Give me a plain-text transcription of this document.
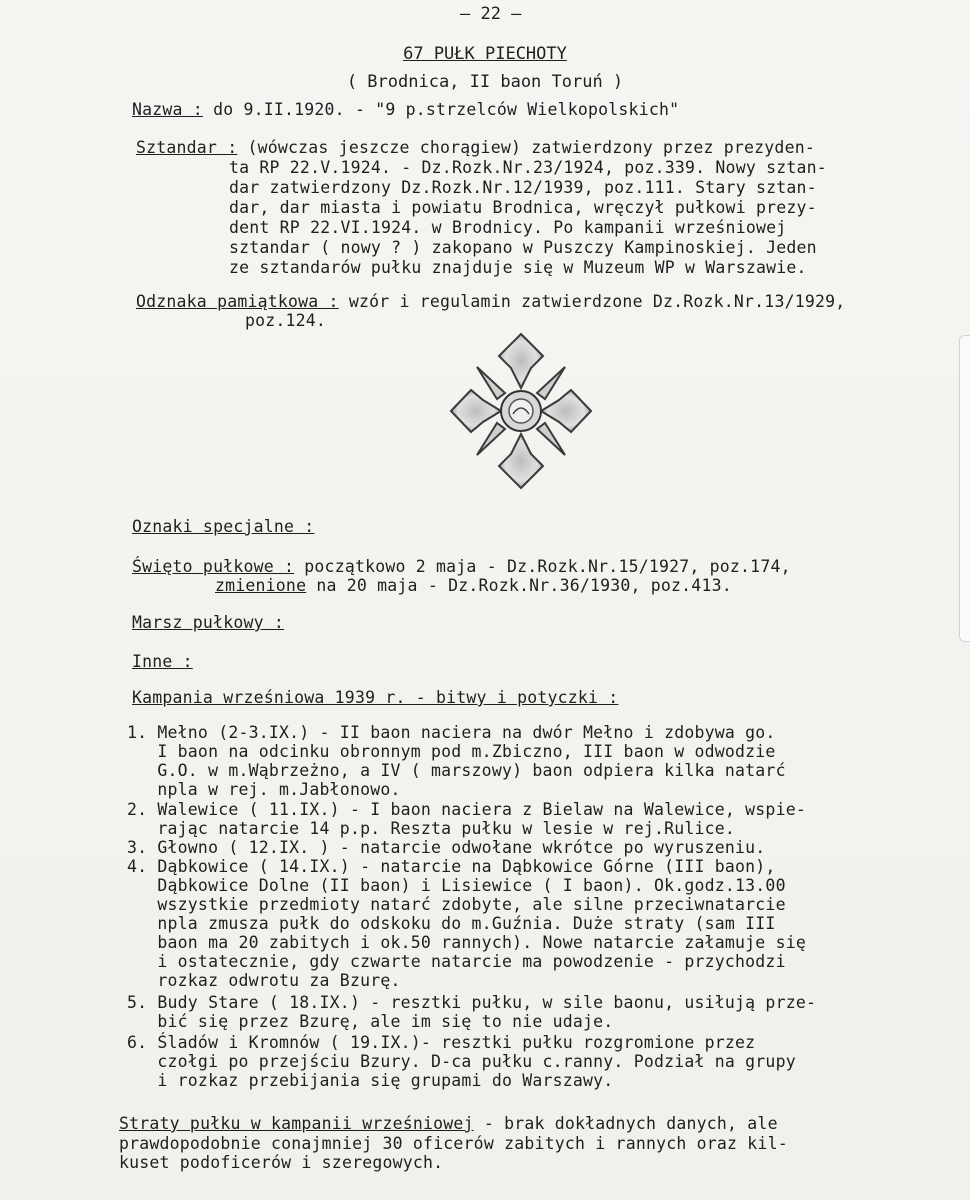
– 22 –
67 PUŁK PIECHOTY
( Brodnica, II baon Toruń )
Nazwa : do 9.II.1920. - "9 p.strzelców Wielkopolskich"
Sztandar : (wówczas jeszcze chorągiew) zatwierdzony przez prezyden-
ta RP 22.V.1924. - Dz.Rozk.Nr.23/1924, poz.339. Nowy sztan-
dar zatwierdzony Dz.Rozk.Nr.12/1939, poz.111. Stary sztan-
dar, dar miasta i powiatu Brodnica, wręczył pułkowi prezy-
dent RP 22.VI.1924. w Brodnicy. Po kampanii wrześniowej
sztandar ( nowy ? ) zakopano w Puszczy Kampinoskiej. Jeden
ze sztandarów pułku znajduje się w Muzeum WP w Warszawie.
Odznaka pamiątkowa : wzór i regulamin zatwierdzone Dz.Rozk.Nr.13/1929,
poz.124.
Oznaki specjalne :
Święto pułkowe : początkowo 2 maja - Dz.Rozk.Nr.15/1927, poz.174,
zmienione na 20 maja - Dz.Rozk.Nr.36/1930, poz.413.
Marsz pułkowy :
Inne :
Kampania wrześniowa 1939 r. - bitwy i potyczki :
1. Mełno (2-3.IX.) - II baon naciera na dwór Mełno i zdobywa go.
I baon na odcinku obronnym pod m.Zbiczno, III baon w odwodzie
G.O. w m.Wąbrzeżno, a IV ( marszowy) baon odpiera kilka natarć
npla w rej. m.Jabłonowo.
2. Walewice ( 11.IX.) - I baon naciera z Bielaw na Walewice, wspie-
rając natarcie 14 p.p. Reszta pułku w lesie w rej.Rulice.
3. Głowno ( 12.IX. ) - natarcie odwołane wkrótce po wyruszeniu.
4. Dąbkowice ( 14.IX.) - natarcie na Dąbkowice Górne (III baon),
Dąbkowice Dolne (II baon) i Lisiewice ( I baon). Ok.godz.13.00
wszystkie przedmioty natarć zdobyte, ale silne przeciwnatarcie
npla zmusza pułk do odskoku do m.Guźnia. Duże straty (sam III
baon ma 20 zabitych i ok.50 rannych). Nowe natarcie załamuje się
i ostatecznie, gdy czwarte natarcie ma powodzenie - przychodzi
rozkaz odwrotu za Bzurę.
5. Budy Stare ( 18.IX.) - resztki pułku, w sile baonu, usiłują prze-
bić się przez Bzurę, ale im się to nie udaje.
6. Śladów i Kromnów ( 19.IX.)- resztki pułku rozgromione przez
czołgi po przejściu Bzury. D-ca pułku c.ranny. Podział na grupy
i rozkaz przebijania się grupami do Warszawy.
Straty pułku w kampanii wrześniowej - brak dokładnych danych, ale
prawdopodobnie conajmniej 30 oficerów zabitych i rannych oraz kil-
kuset podoficerów i szeregowych.
